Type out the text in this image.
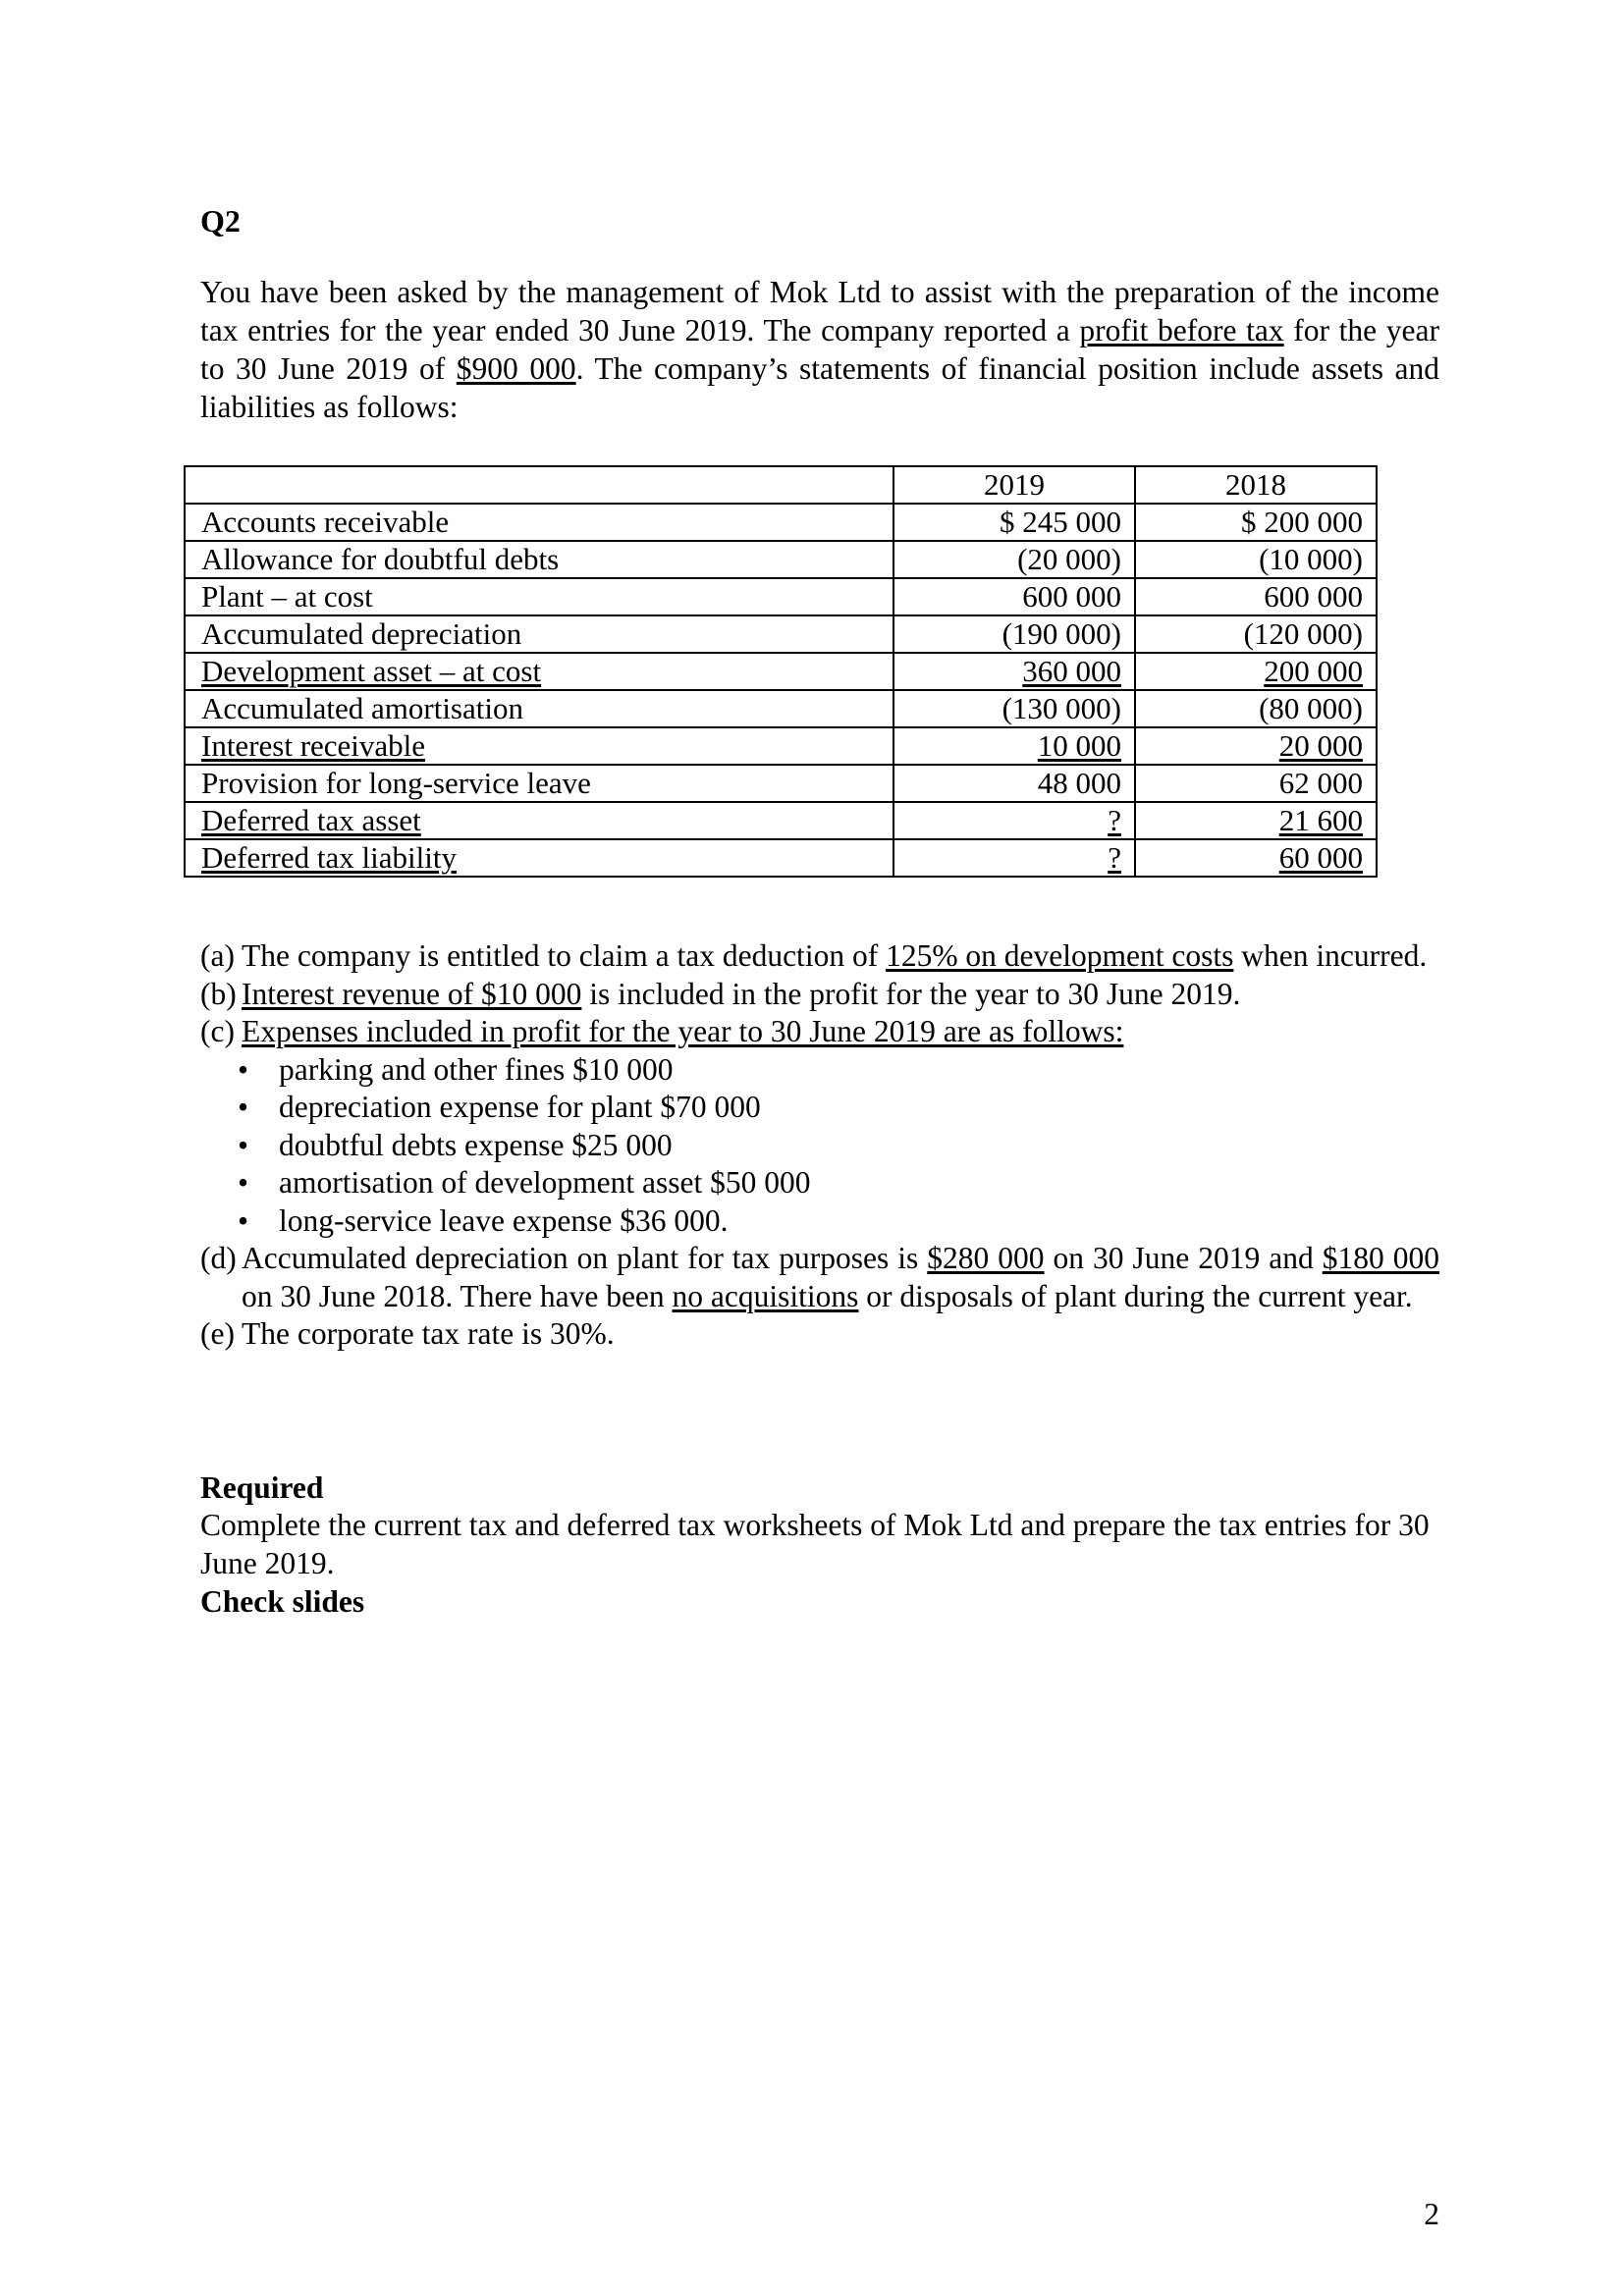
Q2

You have been asked by the management of Mok Ltd to assist with the preparation of the income tax entries for the year ended 30 June 2019. The company reported a profit before tax for the year to 30 June 2019 of $900 000. The company’s statements of financial position include assets and liabilities as follows:

	2019	2018
Accounts receivable	$ 245 000	$ 200 000
Allowance for doubtful debts	(20 000)	(10 000)
Plant – at cost	600 000	600 000
Accumulated depreciation	(190 000)	(120 000)
Development asset – at cost	360 000	200 000
Accumulated amortisation	(130 000)	(80 000)
Interest receivable	10 000	20 000
Provision for long-service leave	48 000	62 000
Deferred tax asset	?	21 600
Deferred tax liability	?	60 000
(a) The company is entitled to claim a tax deduction of 125% on development costs when incurred.
(b) Interest revenue of $10 000 is included in the profit for the year to 30 June 2019.
(c) Expenses included in profit for the year to 30 June 2019 are as follows:
• parking and other fines $10 000
• depreciation expense for plant $70 000
• doubtful debts expense $25 000
• amortisation of development asset $50 000
• long-service leave expense $36 000.
(d) Accumulated depreciation on plant for tax purposes is $280 000 on 30 June 2019 and $180 000 on 30 June 2018. There have been no acquisitions or disposals of plant during the current year.
(e) The corporate tax rate is 30%.
Required
Complete the current tax and deferred tax worksheets of Mok Ltd and prepare the tax entries for 30 June 2019.
Check slides
2
